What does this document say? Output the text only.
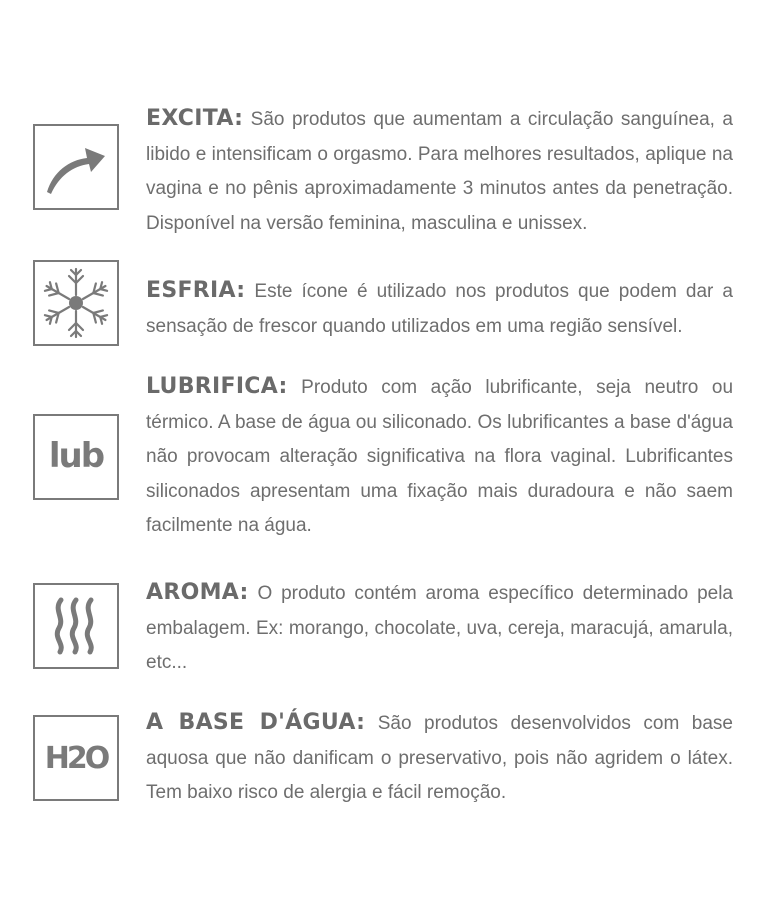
EXCITA: São produtos que aumentam a circulação sanguínea, a libido e intensificam o orgasmo. Para melhores resultados, aplique na vagina e no pênis aproximadamente 3 minutos antes da penetração. Disponível na versão feminina, masculina e unissex.

ESFRIA: Este ícone é utilizado nos produtos que podem dar a sensação de frescor quando utilizados em uma região sensível.

lub

LUBRIFICA: Produto com ação lubrificante, seja neutro ou térmico. A base de água ou siliconado. Os lubrificantes a base d'água não provocam alteração significativa na flora vaginal. Lubrificantes siliconados apresentam uma fixação mais duradoura e não saem facilmente na água.

AROMA: O produto contém aroma específico determinado pela embalagem. Ex: morango, chocolate, uva, cereja, maracujá, amarula, etc...

H2O

A BASE D'ÁGUA: São produtos desenvolvidos com base aquosa que não danificam o preservativo, pois não agridem o látex. Tem baixo risco de alergia e fácil remoção.
